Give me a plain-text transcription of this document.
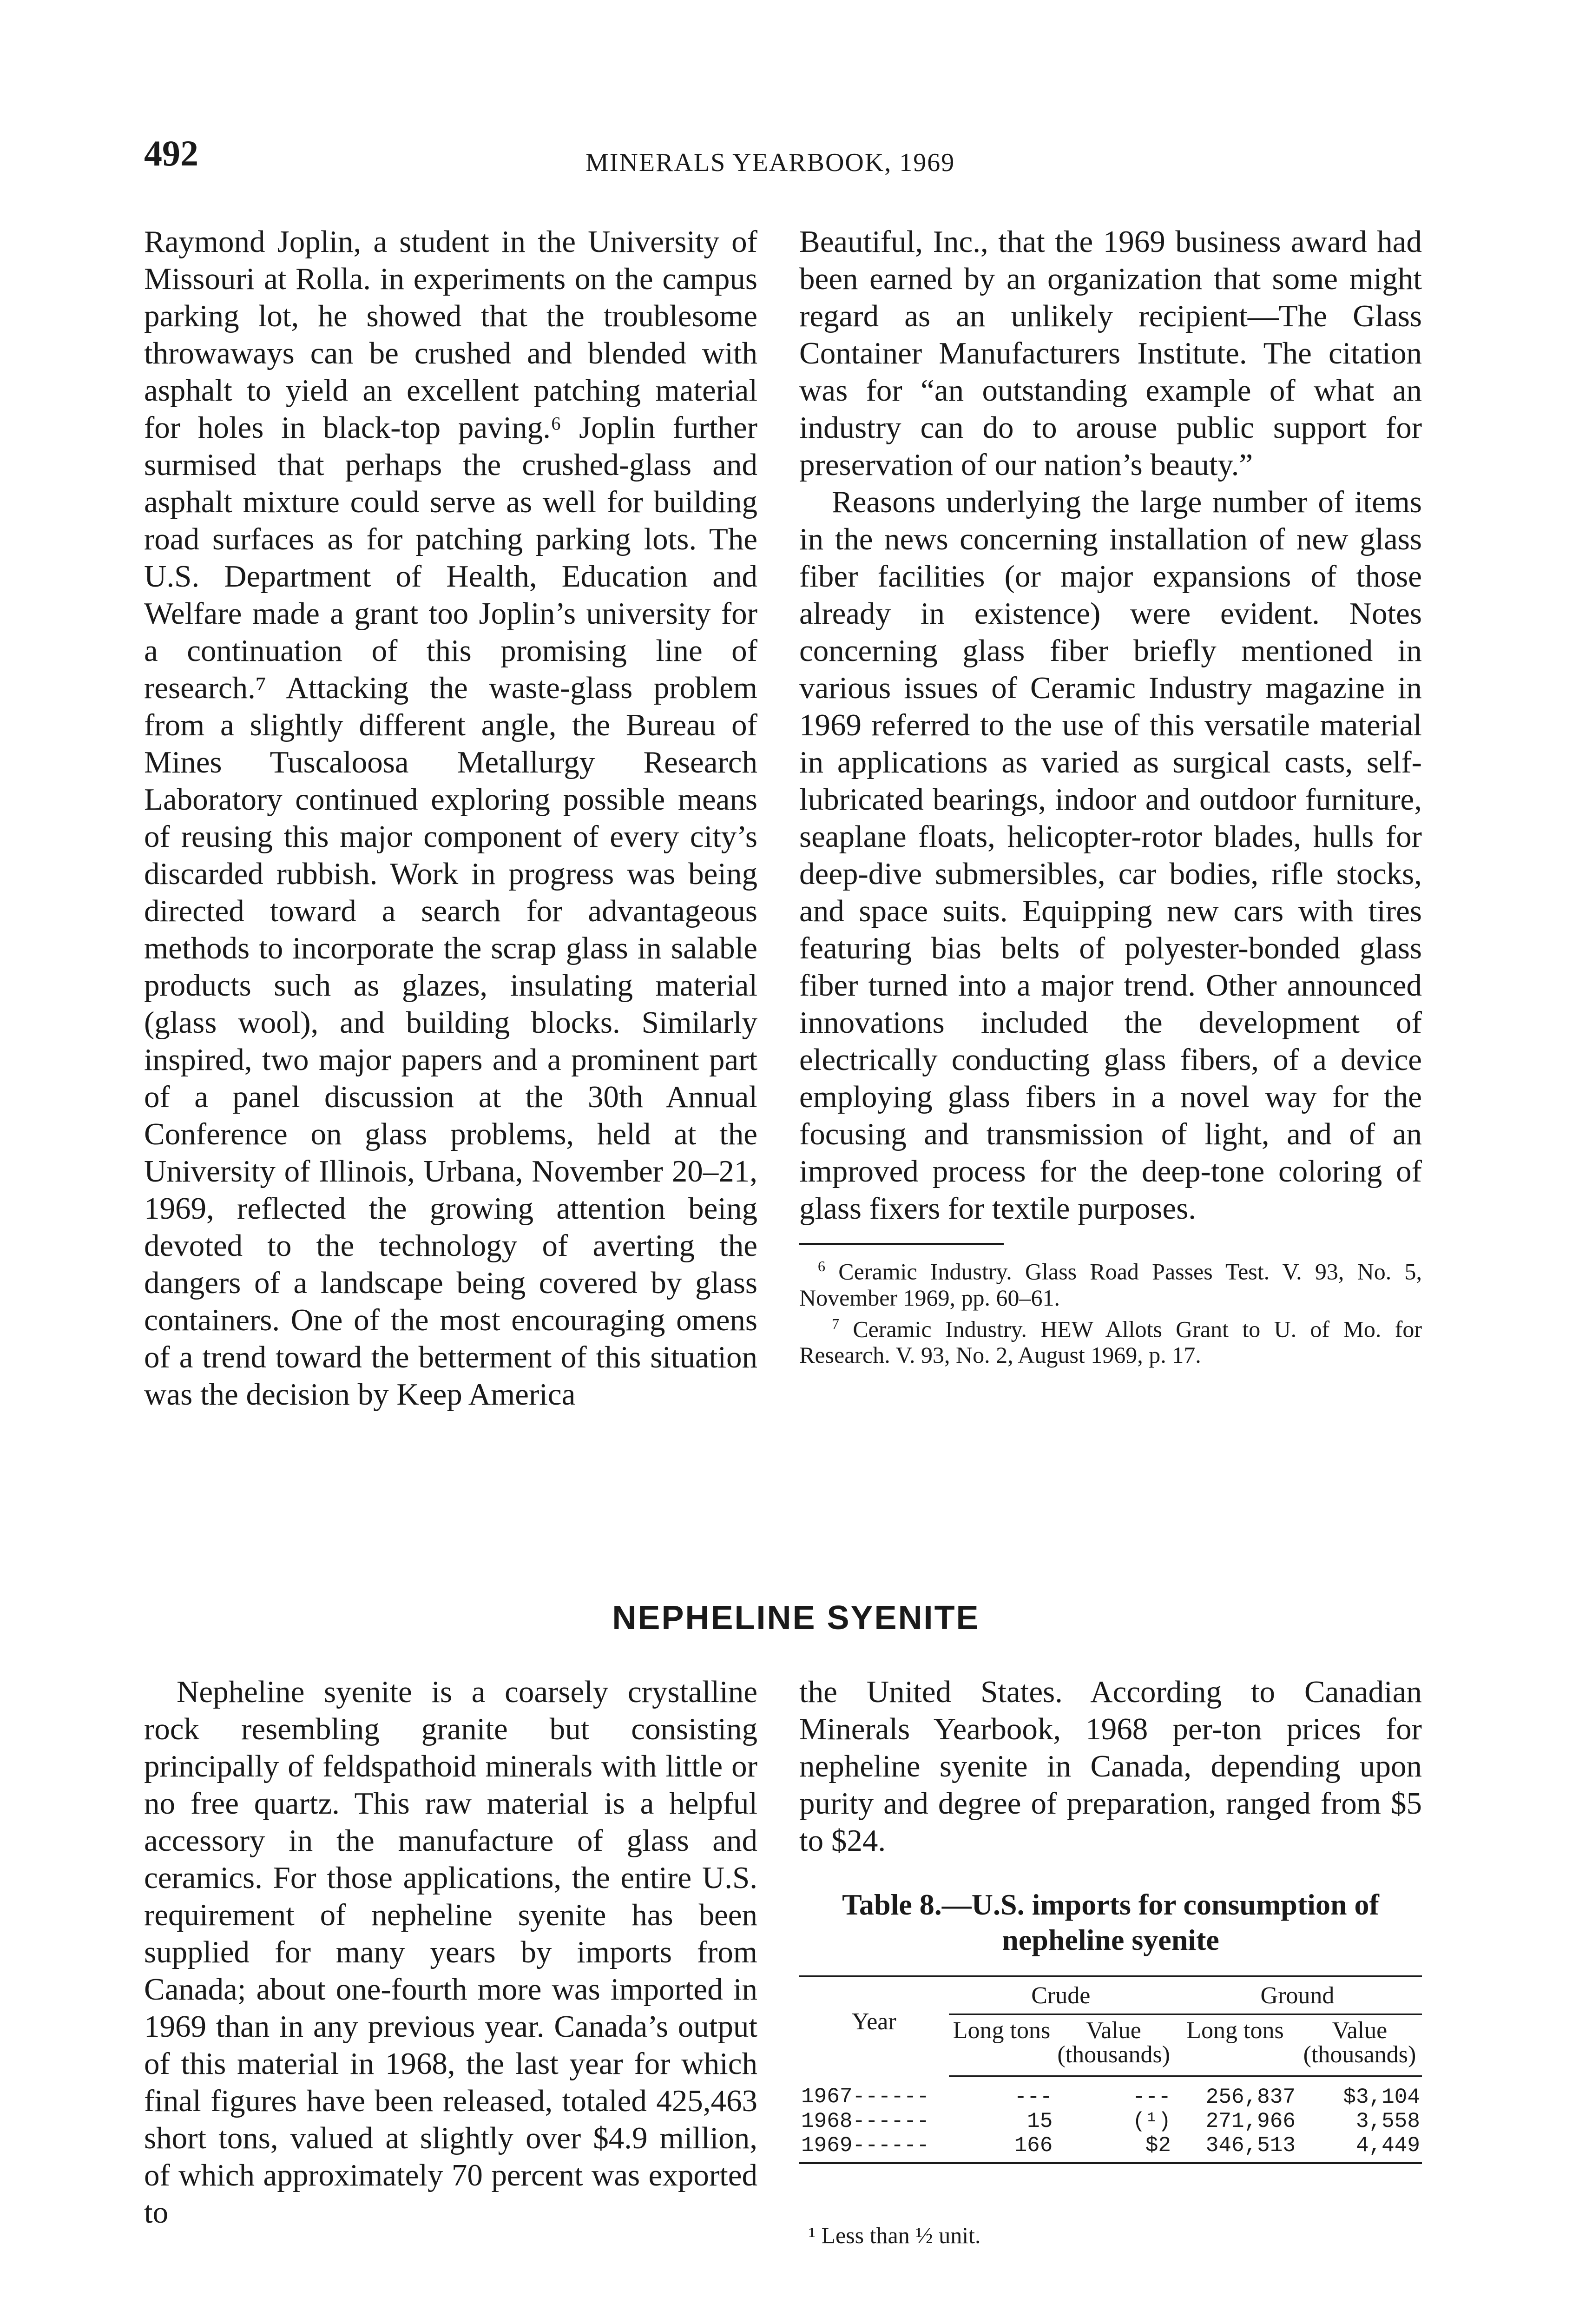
492	MINERALS YEARBOOK, 1969

Raymond Joplin, a student in the University of Missouri at Rolla. in experiments on the campus parking lot, he showed that the troublesome throwaways can be crushed and blended with asphalt to yield an excellent patching material for holes in black-top paving.⁶ Joplin further surmised that perhaps the crushed-glass and asphalt mixture could serve as well for building road surfaces as for patching parking lots. The U.S. Department of Health, Education and Welfare made a grant too Joplin’s university for a continuation of this promising line of research.⁷ Attacking the waste-glass problem from a slightly different angle, the Bureau of Mines Tuscaloosa Metallurgy Research Laboratory continued exploring possible means of reusing this major component of every city’s discarded rubbish. Work in progress was being directed toward a search for advantageous methods to incorporate the scrap glass in salable products such as glazes, insulating material (glass wool), and building blocks. Similarly inspired, two major papers and a prominent part of a panel discussion at the 30th Annual Conference on glass problems, held at the University of Illinois, Urbana, November 20–21, 1969, reflected the growing attention being devoted to the technology of averting the dangers of a landscape being covered by glass containers. One of the most encouraging omens of a trend toward the betterment of this situation was the decision by Keep America

Beautiful, Inc., that the 1969 business award had been earned by an organization that some might regard as an unlikely recipient—The Glass Container Manufacturers Institute. The citation was for “an outstanding example of what an industry can do to arouse public support for preservation of our nation’s beauty.”

Reasons underlying the large number of items in the news concerning installation of new glass fiber facilities (or major expansions of those already in existence) were evident. Notes concerning glass fiber briefly mentioned in various issues of Ceramic Industry magazine in 1969 referred to the use of this versatile material in applications as varied as surgical casts, self-lubricated bearings, indoor and outdoor furniture, seaplane floats, helicopter-rotor blades, hulls for deep-dive submersibles, car bodies, rifle stocks, and space suits. Equipping new cars with tires featuring bias belts of polyester-bonded glass fiber turned into a major trend. Other announced innovations included the development of electrically conducting glass fibers, of a device employing glass fibers in a novel way for the focusing and transmission of light, and of an improved process for the deep-tone coloring of glass fixers for textile purposes.

$^6$ Ceramic Industry. Glass Road Passes Test. V. 93, No. 5, November 1969, pp. 60–61.

$^7$ Ceramic Industry. HEW Allots Grant to U. of Mo. for Research. V. 93, No. 2, August 1969, p. 17.

NEPHELINE SYENITE

Nepheline syenite is a coarsely crystalline rock resembling granite but consisting principally of feldspathoid minerals with little or no free quartz. This raw material is a helpful accessory in the manufacture of glass and ceramics. For those applications, the entire U.S. requirement of nepheline syenite has been supplied for many years by imports from Canada; about one-fourth more was imported in 1969 than in any previous year. Canada’s output of this material in 1968, the last year for which final figures have been released, totaled 425,463 short tons, valued at slightly over $4.9 million, of which approximately 70 percent was exported to

the United States. According to Canadian Minerals Yearbook, 1968 per-ton prices for nepheline syenite in Canada, depending upon purity and degree of preparation, ranged from $5 to $24.

Table 8.—U.S. imports for consumption of nepheline syenite
Year	Crude		Ground	
	Long tons	Value (thousands)	Long tons	Value (thousands)
1967------	---	---	256,837	$3,104
1968------	15	(¹)	271,966	3,558
1969------	166	$2	346,513	4,449
¹ Less than ½ unit.
